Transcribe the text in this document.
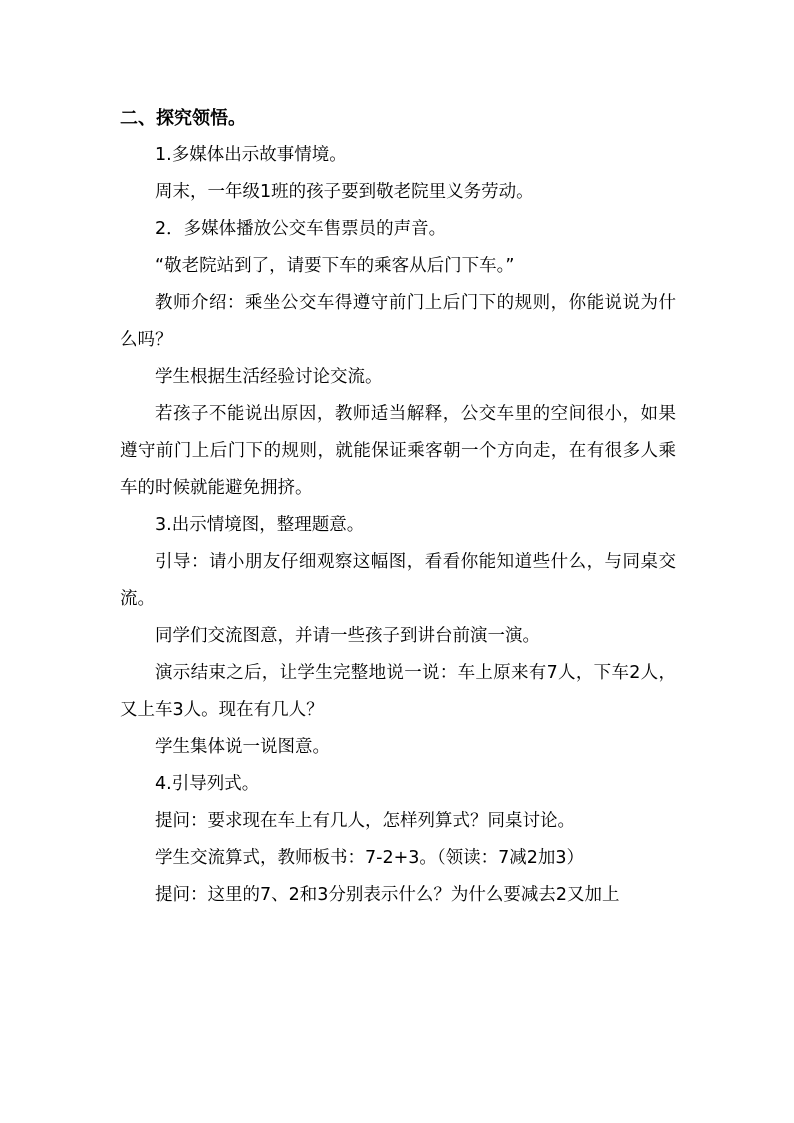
二、探究领悟。

1.多媒体出示故事情境。

周末，一年级1班的孩子要到敬老院里义务劳动。

2．多媒体播放公交车售票员的声音。

“敬老院站到了，请要下车的乘客从后门下车。”

教师介绍：乘坐公交车得遵守前门上后门下的规则，你能说说为什么吗？

学生根据生活经验讨论交流。

若孩子不能说出原因，教师适当解释，公交车里的空间很小，如果遵守前门上后门下的规则，就能保证乘客朝一个方向走，在有很多人乘车的时候就能避免拥挤。

3.出示情境图，整理题意。

引导：请小朋友仔细观察这幅图，看看你能知道些什么，与同桌交流。

同学们交流图意，并请一些孩子到讲台前演一演。

演示结束之后，让学生完整地说一说：车上原来有7人，下车2人，又上车3人。现在有几人？

学生集体说一说图意。

4.引导列式。

提问：要求现在车上有几人，怎样列算式？同桌讨论。

学生交流算式，教师板书：7-2+3。（领读：7减2加3）

提问：这里的7、2和3分别表示什么？为什么要减去2又加上
